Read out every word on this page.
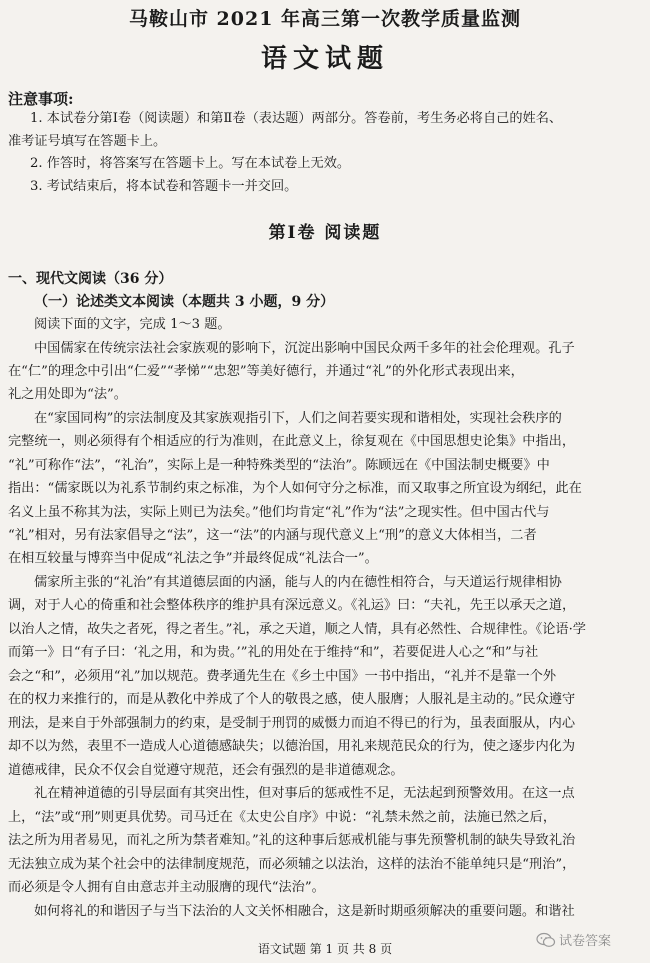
马鞍山市 2021 年高三第一次教学质量监测
语文试题
注意事项:
1. 本试卷分第Ⅰ卷（阅读题）和第Ⅱ卷（表达题）两部分。答卷前，考生务必将自己的姓名、
准考证号填写在答题卡上。
2. 作答时，将答案写在答题卡上。写在本试卷上无效。
3. 考试结束后，将本试卷和答题卡一并交回。
第Ⅰ卷 阅读题
一、现代文阅读（36 分）
（一）论述类文本阅读（本题共 3 小题，9 分）
阅读下面的文字，完成 1～3 题。
中国儒家在传统宗法社会家族观的影响下，沉淀出影响中国民众两千多年的社会伦理观。孔子
在“仁”的理念中引出“仁爱”“孝悌”“忠恕”等美好德行，并通过“礼”的外化形式表现出来，
礼之用处即为“法”。
在“家国同构”的宗法制度及其家族观指引下，人们之间若要实现和谐相处，实现社会秩序的
完整统一，则必须得有个相适应的行为准则，在此意义上，徐复观在《中国思想史论集》中指出，
“礼”可称作“法”，“礼治”，实际上是一种特殊类型的“法治”。陈顾远在《中国法制史概要》中
指出：“儒家既以为礼系节制约束之标准，为个人如何守分之标准，而又取事之所宜设为纲纪，此在
名义上虽不称其为法，实际上则已为法矣。”他们均肯定“礼”作为“法”之现实性。但中国古代与
“礼”相对，另有法家倡导之“法”，这一“法”的内涵与现代意义上“刑”的意义大体相当，二者
在相互较量与博弈当中促成“礼法之争”并最终促成“礼法合一”。
儒家所主张的“礼治”有其道德层面的内涵，能与人的内在德性相符合，与天道运行规律相协
调，对于人心的倚重和社会整体秩序的维护具有深远意义。《礼运》曰：“夫礼，先王以承天之道，
以治人之情，故失之者死，得之者生。”礼，承之天道，顺之人情，具有必然性、合规律性。《论语·学
而第一》日“有子曰：‘礼之用，和为贵。’”礼的用处在于维持“和”，若要促进人心之“和”与社
会之“和”，必须用“礼”加以规范。费孝通先生在《乡土中国》一书中指出，“礼并不是靠一个外
在的权力来推行的，而是从教化中养成了个人的敬畏之感，使人服膺；人服礼是主动的。”民众遵守
刑法，是来自于外部强制力的约束，是受制于刑罚的威慑力而迫不得已的行为，虽表面服从，内心
却不以为然，表里不一造成人心道德感缺失；以德治国，用礼来规范民众的行为，使之逐步内化为
道德戒律，民众不仅会自觉遵守规范，还会有强烈的是非道德观念。
礼在精神道德的引导层面有其突出性，但对事后的惩戒性不足，无法起到预警效用。在这一点
上，“法”或“刑”则更具优势。司马迁在《太史公自序》中说：“礼禁未然之前，法施已然之后，
法之所为用者易见，而礼之所为禁者难知。”礼的这种事后惩戒机能与事先预警机制的缺失导致礼治
无法独立成为某个社会中的法律制度规范，而必须辅之以法治，这样的法治不能单纯只是“刑治”，
而必须是令人拥有自由意志并主动服膺的现代“法治”。
如何将礼的和谐因子与当下法治的人文关怀相融合，这是新时期亟须解决的重要问题。和谐社
语文试题 第 1 页 共 8 页	试卷答案
